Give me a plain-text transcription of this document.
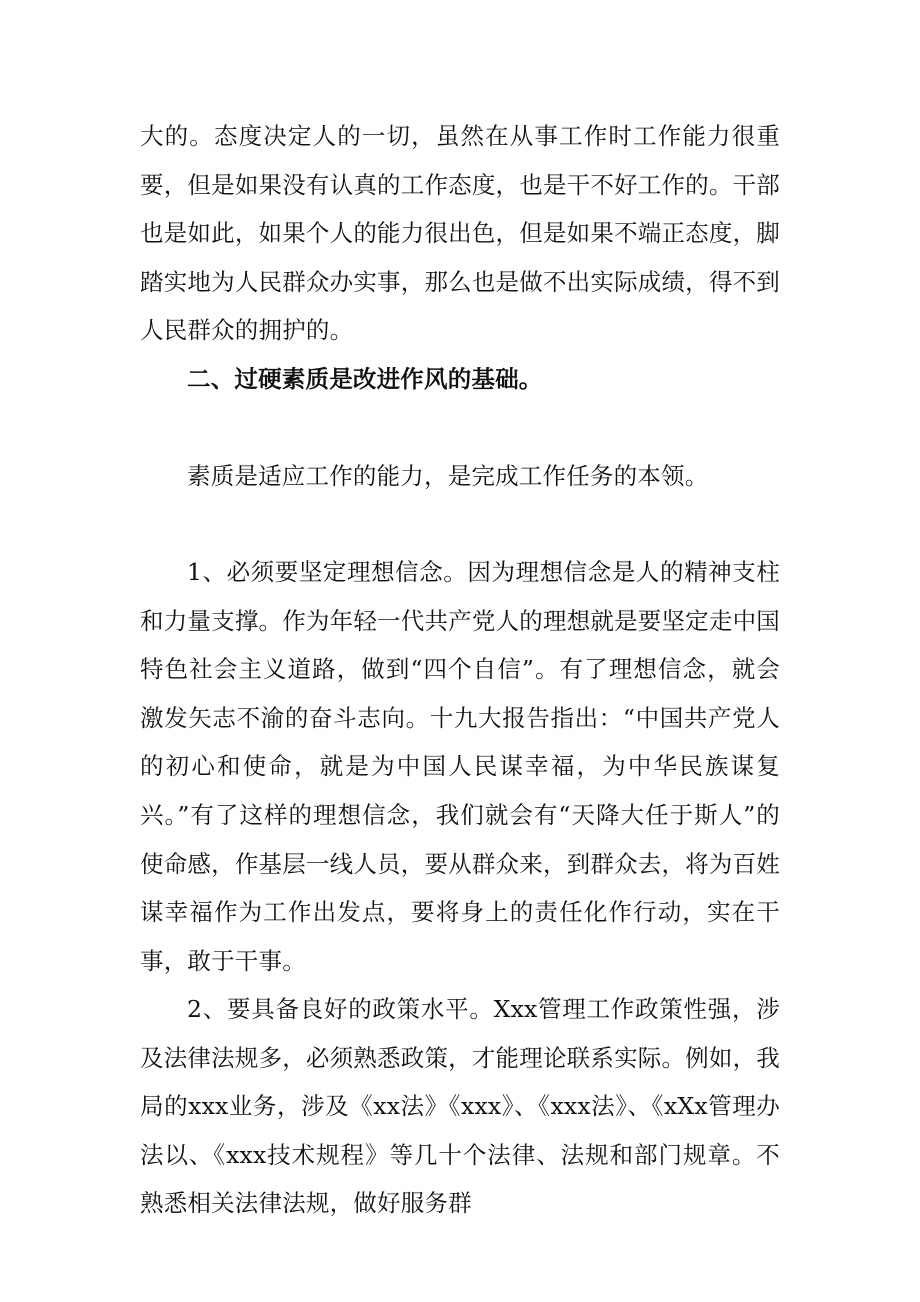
大的。态度决定人的一切，虽然在从事工作时工作能力很重要，但是如果没有认真的工作态度，也是干不好工作的。干部也是如此，如果个人的能力很出色，但是如果不端正态度，脚踏实地为人民群众办实事，那么也是做不出实际成绩，得不到人民群众的拥护的。

二、过硬素质是改进作风的基础。

素质是适应工作的能力，是完成工作任务的本领。

1、必须要坚定理想信念。因为理想信念是人的精神支柱和力量支撑。作为年轻一代共产党人的理想就是要坚定走中国特色社会主义道路，做到“四个自信”。有了理想信念，就会激发矢志不渝的奋斗志向。十九大报告指出：“中国共产党人的初心和使命，就是为中国人民谋幸福，为中华民族谋复兴。”有了这样的理想信念，我们就会有“天降大任于斯人”的使命感，作基层一线人员，要从群众来，到群众去，将为百姓谋幸福作为工作出发点，要将身上的责任化作行动，实在干事，敢于干事。

2、要具备良好的政策水平。Xxx管理工作政策性强，涉及法律法规多，必须熟悉政策，才能理论联系实际。例如，我局的xxx业务，涉及《xx法》《xxx》、《xxx法》、《xXx管理办法以、《xxx技术规程》等几十个法律、法规和部门规章。不熟悉相关法律法规，做好服务群
